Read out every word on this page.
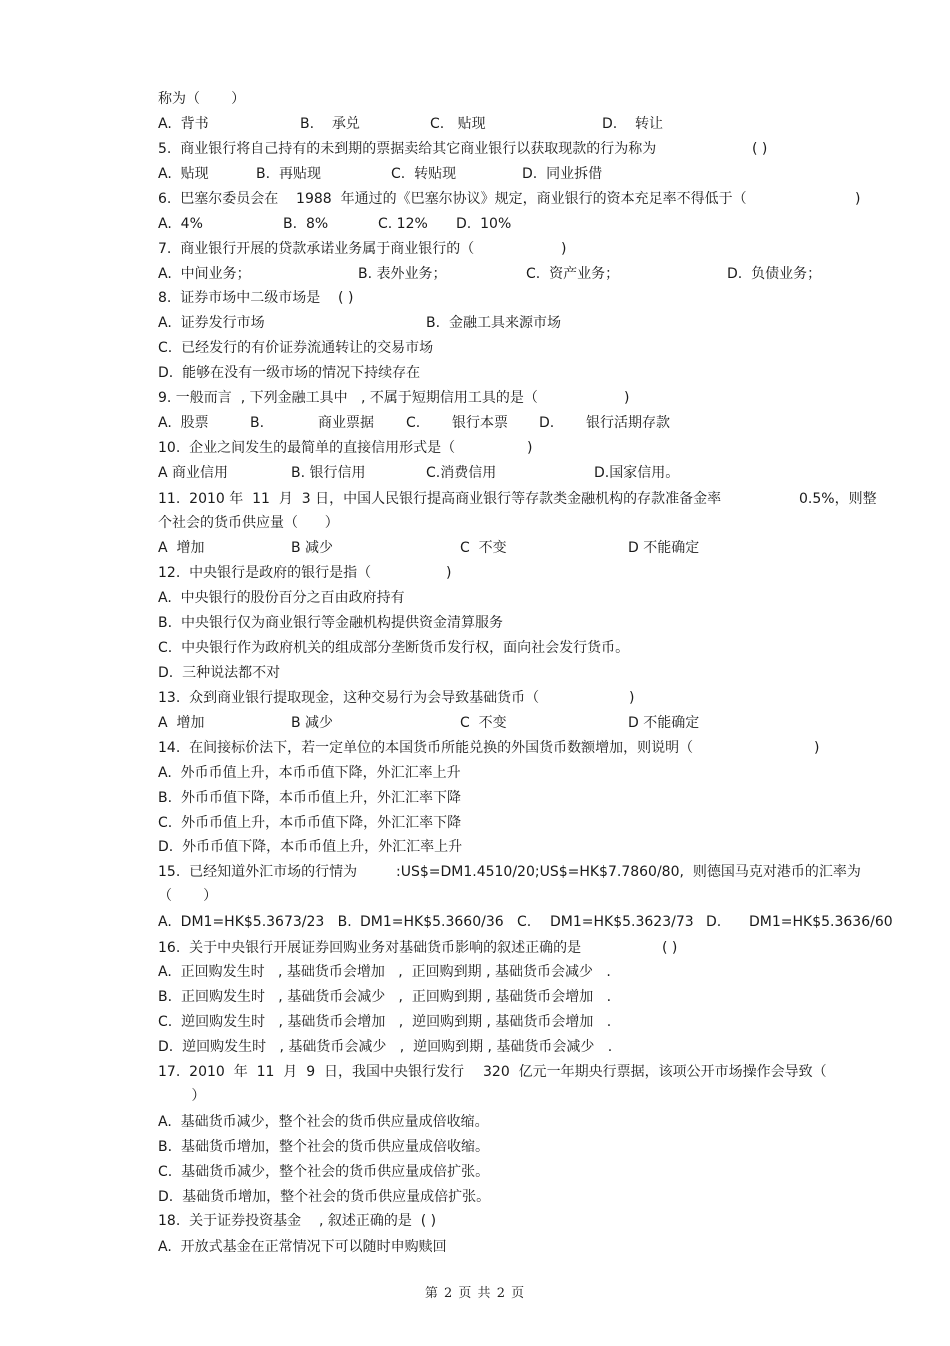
称为（       ）
A.  背书	B.    承兑	C.   贴现	D.    转让
5.  商业银行将自己持有的未到期的票据卖给其它商业银行以获取现款的行为称为	( )
A.  贴现	B.  再贴现	C.  转贴现	D.  同业拆借
6.  巴塞尔委员会在    1988  年通过的《巴塞尔协议》规定，商业银行的资本充足率不得低于（	)
A.  4%	B.  8%	C. 12% D.  10%
7.  商业银行开展的贷款承诺业务属于商业银行的（	)
A.  中间业务；	B. 表外业务；	C.  资产业务；	D.  负债业务；
8.  证券市场中二级市场是    ( )
A.  证券发行市场	B.  金融工具来源市场
C.  已经发行的有价证券流通转让的交易市场
D.  能够在没有一级市场的情况下持续存在
9. 一般而言  , 下列金融工具中   , 不属于短期信用工具的是（	)
A.  股票	B.	商业票据 C. 银行本票 D. 银行活期存款
10.  企业之间发生的最简单的直接信用形式是（	)
A 商业信用	B. 银行信用	C.消费信用	D.国家信用。
11.  2010 年  11  月  3 日，中国人民银行提高商业银行等存款类金融机构的存款准备金率	0.5%，则整
个社会的货币供应量（      ）
A  增加	B 减少	C  不变	D 不能确定
12.  中央银行是政府的银行是指（	)
A.  中央银行的股份百分之百由政府持有
B.  中央银行仅为商业银行等金融机构提供资金清算服务
C.  中央银行作为政府机关的组成部分垄断货币发行权，面向社会发行货币。
D.  三种说法都不对
13.  众到商业银行提取现金，这种交易行为会导致基础货币（	)
A  增加	B 减少	C  不变	D 不能确定
14.  在间接标价法下，若一定单位的本国货币所能兑换的外国货币数额增加，则说明（	)
A.  外币币值上升，本币币值下降，外汇汇率上升
B.  外币币值下降，本币币值上升，外汇汇率下降
C.  外币币值上升，本币币值下降，外汇汇率下降
D.  外币币值下降，本币币值上升，外汇汇率上升
15.  已经知道外汇市场的行情为	:US$=DM1.4510/20;US$=HK$7.7860/80,  则德国马克对港币的汇率为
（       ）
A.  DM1=HK$5.3673/23   B. DM1=HK$5.3660/36   C. DM1=HK$5.3623/73 D. DM1=HK$5.3636/60
16.  关于中央银行开展证券回购业务对基础货币影响的叙述正确的是	( )
A.  正回购发生时   , 基础货币会增加   ,  正回购到期 , 基础货币会减少   .
B.  正回购发生时   , 基础货币会减少   ,  正回购到期 , 基础货币会增加   .
C.  逆回购发生时   , 基础货币会增加   ,  逆回购到期 , 基础货币会增加   .
D.  逆回购发生时   , 基础货币会减少   ,  逆回购到期 , 基础货币会减少   .
17.  2010  年  11  月  9  日，我国中央银行发行 320  亿元一年期央行票据，该项公开市场操作会导致（
）
A.  基础货币减少，整个社会的货币供应量成倍收缩。
B.  基础货币增加，整个社会的货币供应量成倍收缩。
C.  基础货币减少，整个社会的货币供应量成倍扩张。
D.  基础货币增加，整个社会的货币供应量成倍扩张。
18.  关于证券投资基金    , 叙述正确的是  ( )
A.  开放式基金在正常情况下可以随时申购赎回
第 2 页 共 2 页
